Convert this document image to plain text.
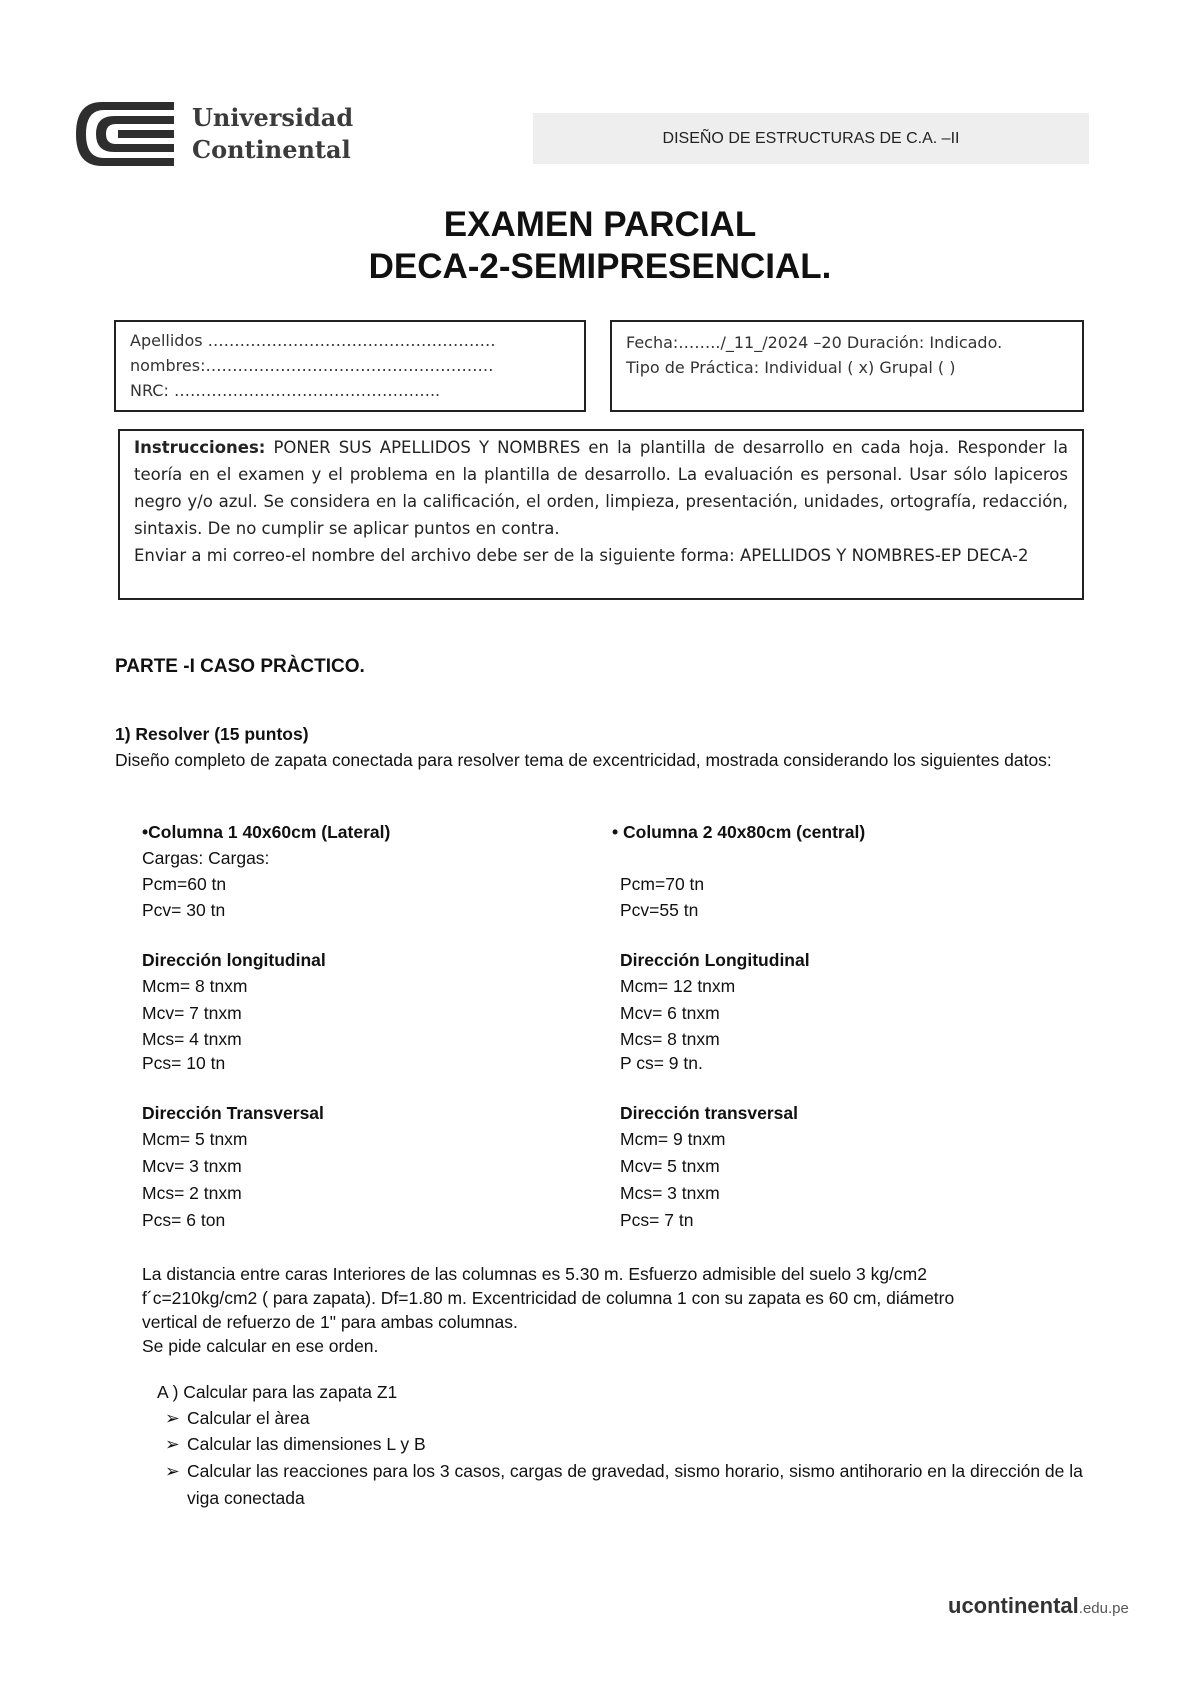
Universidad
Continental	DISEÑO DE ESTRUCTURAS DE C.A. –II
EXAMEN PARCIAL
DECA-2-SEMIPRESENCIAL.
Apellidos ………………………………………………
nombres:………………………………………………
NRC: …………………………………………..
Fecha:……../_11_/2024 –20 Duración: Indicado.
Tipo de Práctica: Individual ( x) Grupal ( )
Instrucciones: PONER SUS APELLIDOS Y NOMBRES en la plantilla de desarrollo en cada hoja. Responder la teoría en el examen y el problema en la plantilla de desarrollo. La evaluación es personal. Usar sólo lapiceros negro y/o azul. Se considera en la calificación, el orden, limpieza, presentación, unidades, ortografía, redacción, sintaxis. De no cumplir se aplicar puntos en contra.
Enviar a mi correo-el nombre del archivo debe ser de la siguiente forma: APELLIDOS Y NOMBRES-EP DECA-2
PARTE -I CASO PRÀCTICO.
1) Resolver (15 puntos)
Diseño completo de zapata conectada para resolver tema de excentricidad, mostrada considerando los siguientes datos:
•Columna 1 40x60cm (Lateral)
Cargas: Cargas:
Pcm=60 tn
Pcv= 30 tn
Dirección longitudinal
Mcm= 8 tnxm
Mcv= 7 tnxm
Mcs= 4 tnxm
Pcs= 10 tn
Dirección Transversal
Mcm= 5 tnxm
Mcv= 3 tnxm
Mcs= 2 tnxm
Pcs= 6 ton
• Columna 2 40x80cm (central)
Pcm=70 tn
Pcv=55 tn
Dirección Longitudinal
Mcm= 12 tnxm
Mcv= 6 tnxm
Mcs= 8 tnxm
P cs= 9 tn.
Dirección transversal
Mcm= 9 tnxm
Mcv= 5 tnxm
Mcs= 3 tnxm
Pcs= 7 tn
La distancia entre caras Interiores de las columnas es 5.30 m. Esfuerzo admisible del suelo 3 kg/cm2
f´c=210kg/cm2 ( para zapata). Df=1.80 m. Excentricidad de columna 1 con su zapata es 60 cm, diámetro
vertical de refuerzo de 1" para ambas columnas.
Se pide calcular en ese orden.
A ) Calcular para las zapata Z1
➢ Calcular el àrea
➢ Calcular las dimensiones L y B
➢ Calcular las reacciones para los 3 casos, cargas de gravedad, sismo horario, sismo antihorario en la dirección de la viga conectada
ucontinental.edu.pe
